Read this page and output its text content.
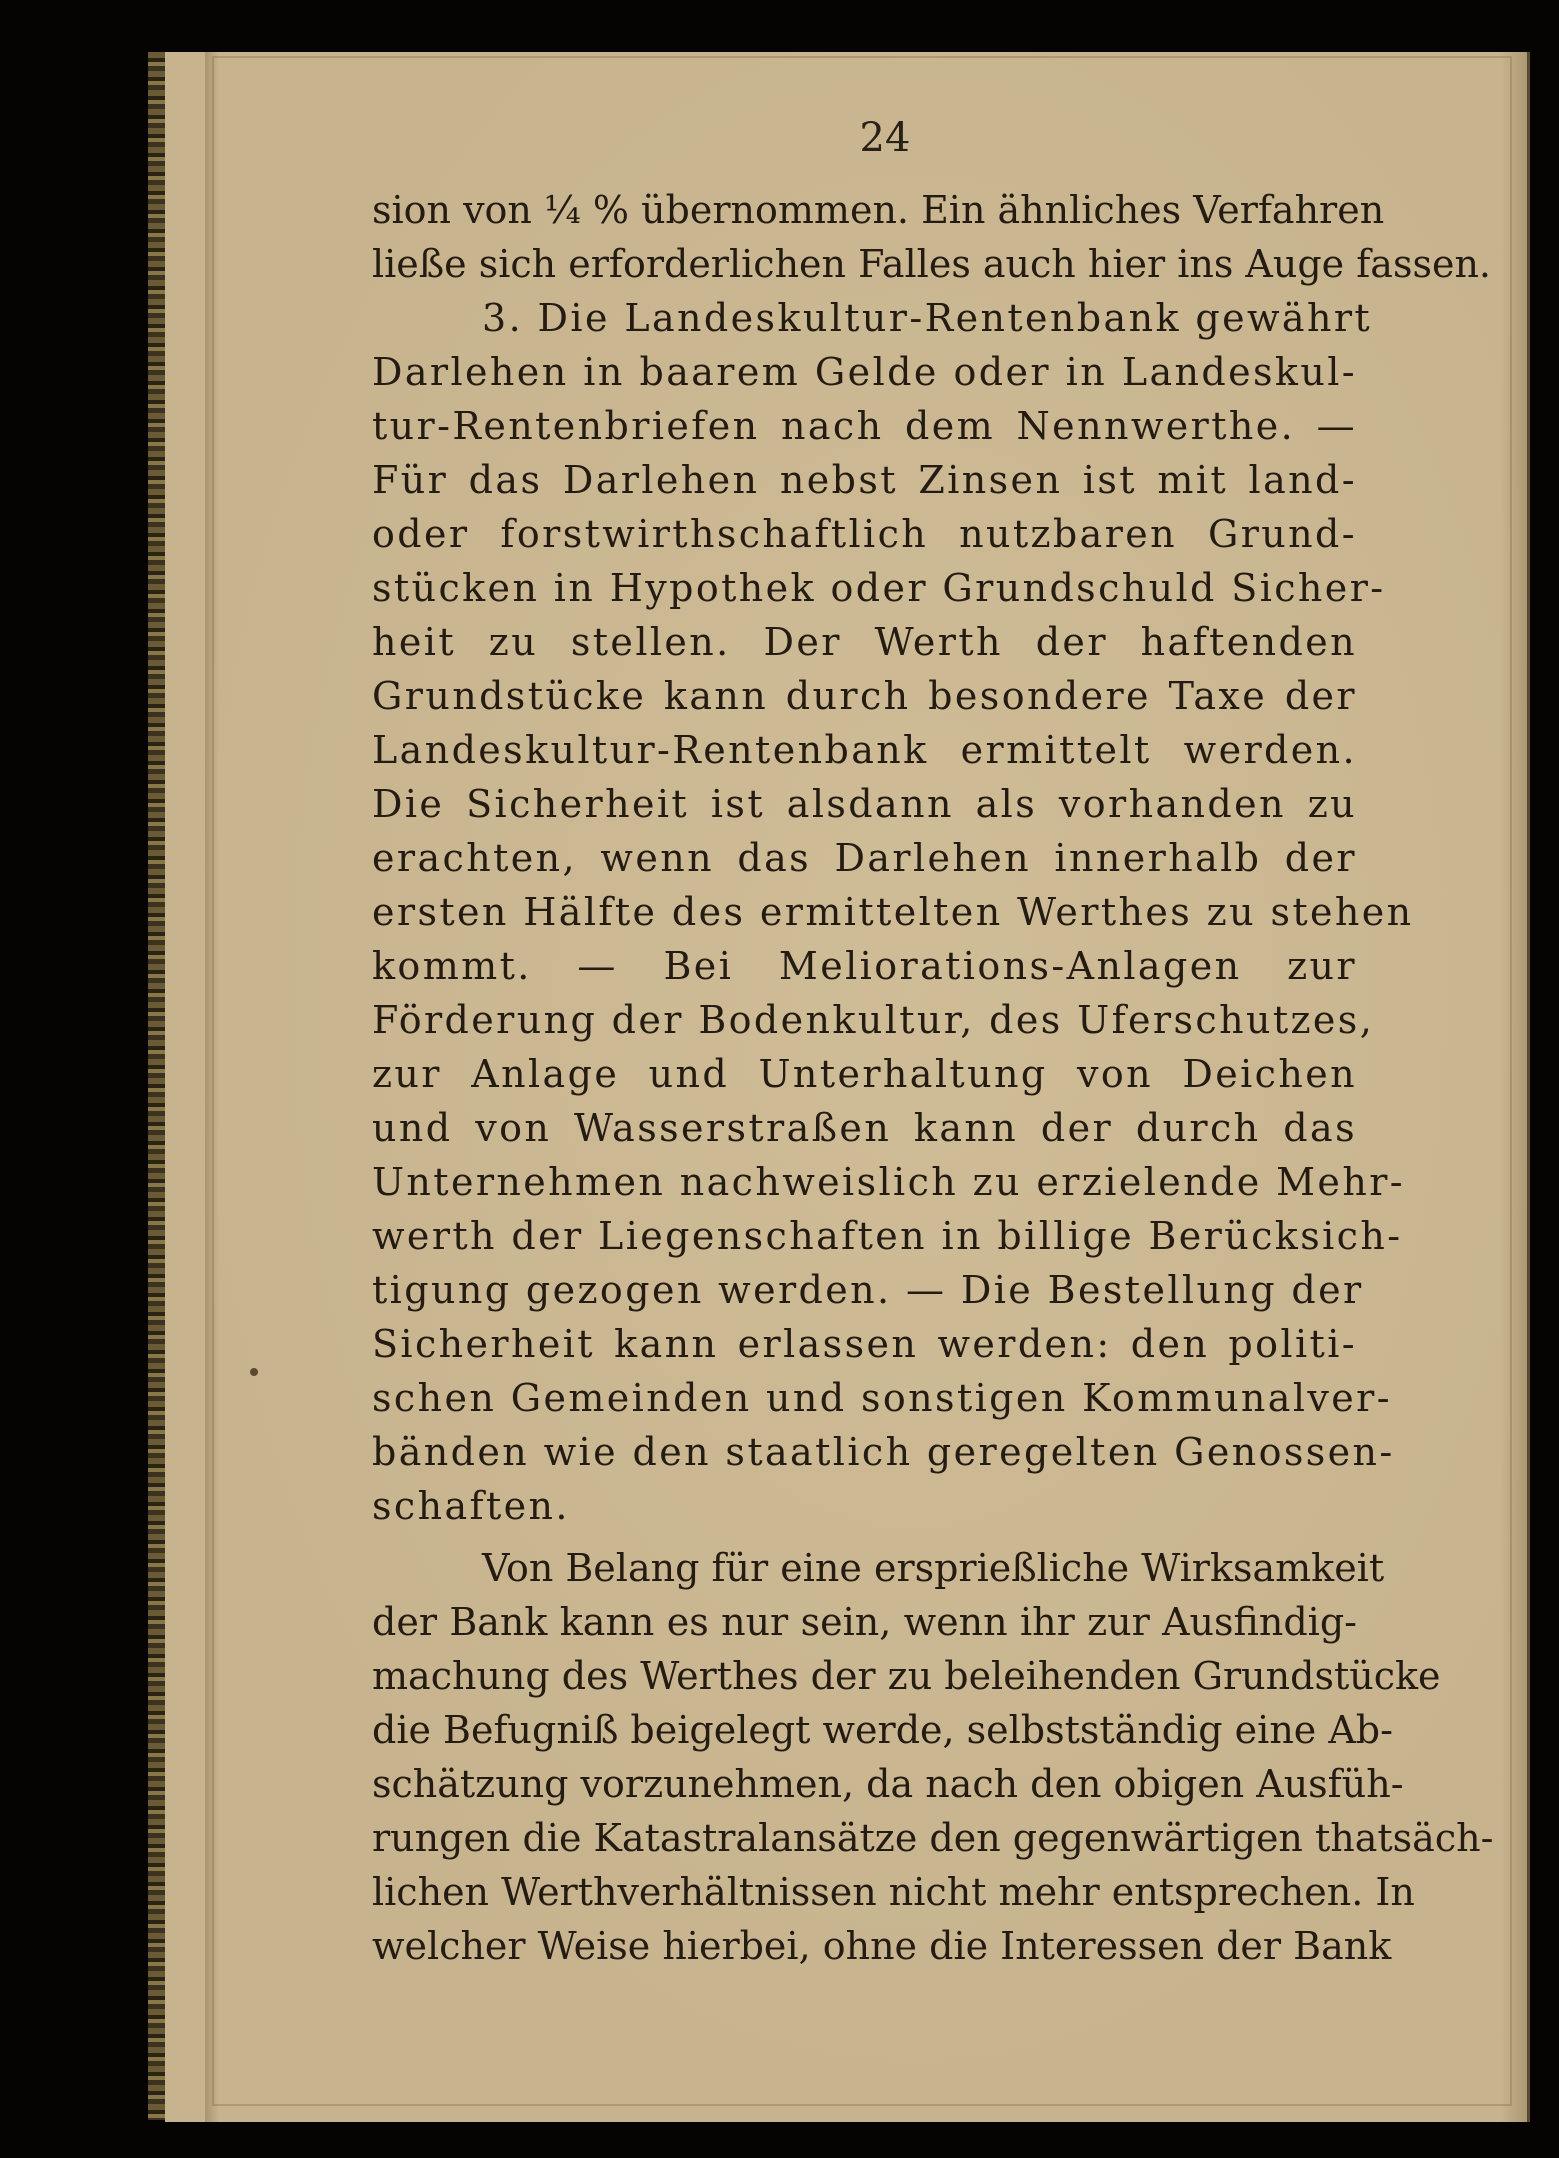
24
sion von ¼ % übernommen. Ein ähnliches Verfahren
ließe sich erforderlichen Falles auch hier ins Auge fassen.
3. Die Landeskultur-Rentenbank gewährt
Darlehen in baarem Gelde oder in Landeskul-
tur-Rentenbriefen nach dem Nennwerthe. —
Für das Darlehen nebst Zinsen ist mit land-
oder forstwirthschaftlich nutzbaren Grund-
stücken in Hypothek oder Grundschuld Sicher-
heit zu stellen. Der Werth der haftenden
Grundstücke kann durch besondere Taxe der
Landeskultur-Rentenbank ermittelt werden.
Die Sicherheit ist alsdann als vorhanden zu
erachten, wenn das Darlehen innerhalb der
ersten Hälfte des ermittelten Werthes zu stehen
kommt. — Bei Meliorations-Anlagen zur
Förderung der Bodenkultur, des Uferschutzes,
zur Anlage und Unterhaltung von Deichen
und von Wasserstraßen kann der durch das
Unternehmen nachweislich zu erzielende Mehr-
werth der Liegenschaften in billige Berücksich-
tigung gezogen werden. — Die Bestellung der
Sicherheit kann erlassen werden: den politi-
schen Gemeinden und sonstigen Kommunalver-
bänden wie den staatlich geregelten Genossen-
schaften.
Von Belang für eine ersprießliche Wirksamkeit
der Bank kann es nur sein, wenn ihr zur Ausfindig-
machung des Werthes der zu beleihenden Grundstücke
die Befugniß beigelegt werde, selbstständig eine Ab-
schätzung vorzunehmen, da nach den obigen Ausfüh-
rungen die Katastralansätze den gegenwärtigen thatsäch-
lichen Werthverhältnissen nicht mehr entsprechen. In
welcher Weise hierbei, ohne die Interessen der Bank
